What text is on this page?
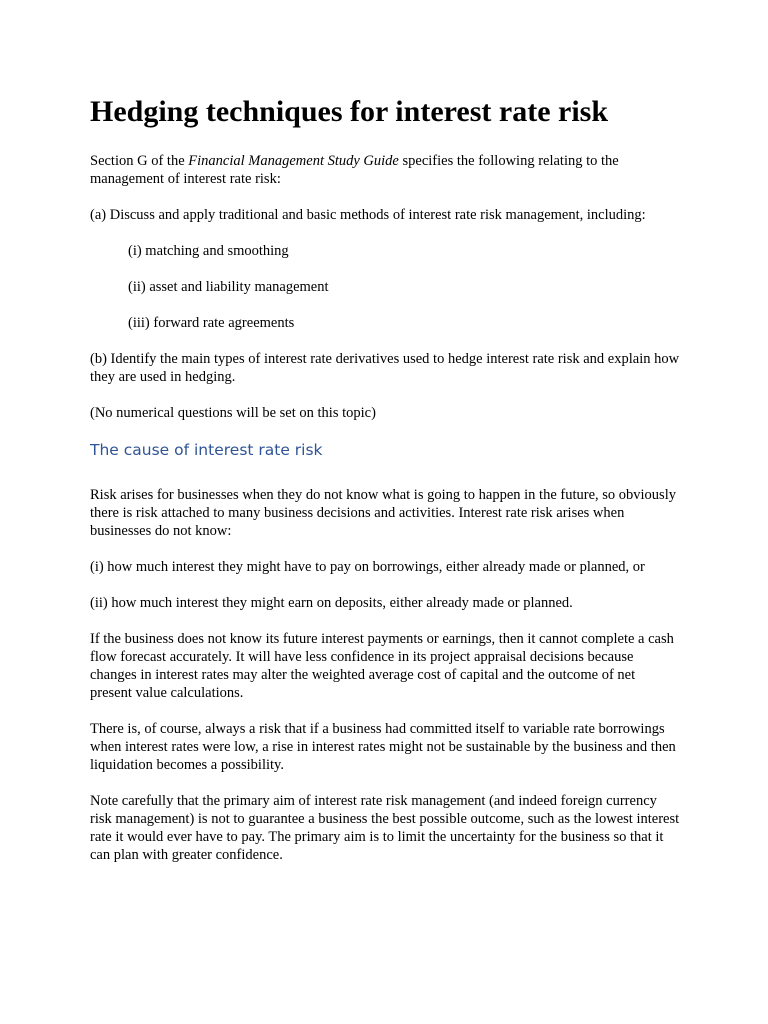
Hedging techniques for interest rate risk

Section G of the Financial Management Study Guide specifies the following relating to the management of interest rate risk:

(a) Discuss and apply traditional and basic methods of interest rate risk management, including:

(i) matching and smoothing

(ii) asset and liability management

(iii) forward rate agreements

(b) Identify the main types of interest rate derivatives used to hedge interest rate risk and explain how they are used in hedging.

(No numerical questions will be set on this topic)

The cause of interest rate risk

Risk arises for businesses when they do not know what is going to happen in the future, so obviously there is risk attached to many business decisions and activities. Interest rate risk arises when businesses do not know:

(i) how much interest they might have to pay on borrowings, either already made or planned, or

(ii) how much interest they might earn on deposits, either already made or planned.

If the business does not know its future interest payments or earnings, then it cannot complete a cash flow forecast accurately. It will have less confidence in its project appraisal decisions because changes in interest rates may alter the weighted average cost of capital and the outcome of net present value calculations.

There is, of course, always a risk that if a business had committed itself to variable rate borrowings when interest rates were low, a rise in interest rates might not be sustainable by the business and then liquidation becomes a possibility.

Note carefully that the primary aim of interest rate risk management (and indeed foreign currency risk management) is not to guarantee a business the best possible outcome, such as the lowest interest rate it would ever have to pay. The primary aim is to limit the uncertainty for the business so that it can plan with greater confidence.
